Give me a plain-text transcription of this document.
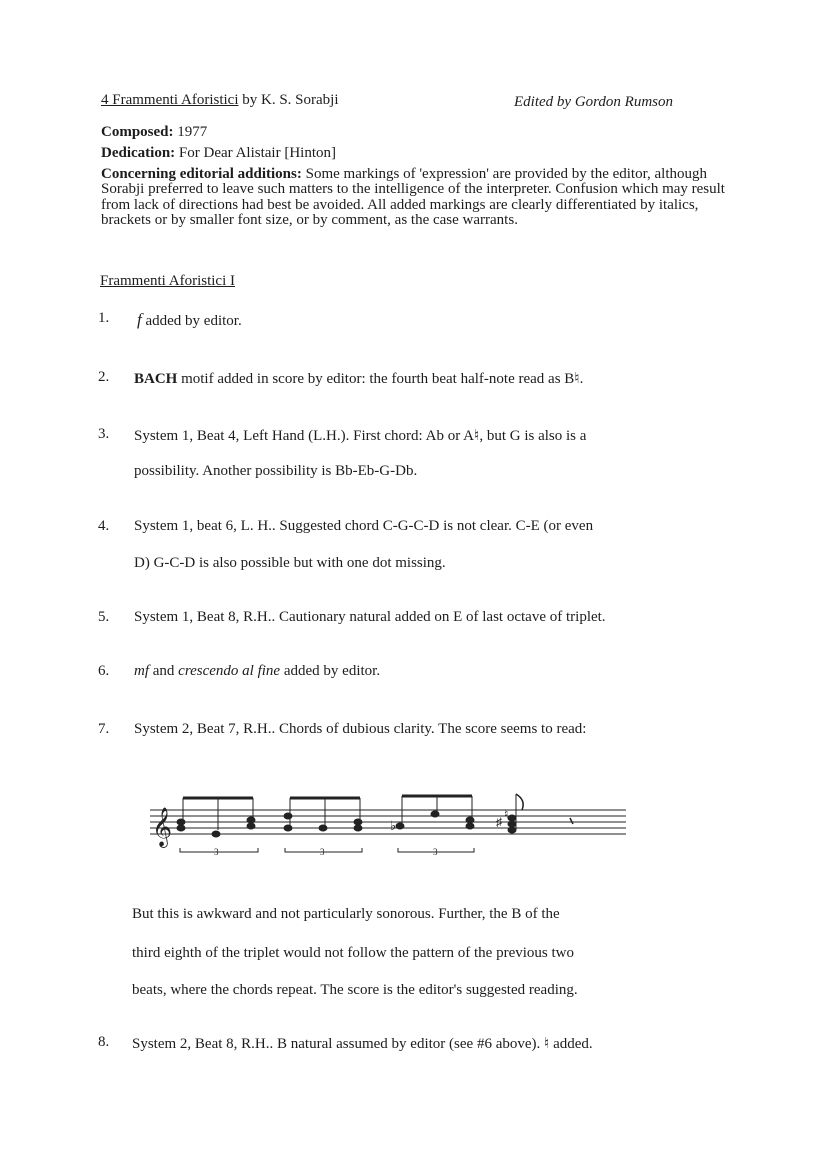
4 Frammenti Aforistici by K. S. Sorabji	Edited by Gordon Rumson
Composed: 1977
Dedication: For Dear Alistair [Hinton]
Concerning editorial additions: Some markings of 'expression' are provided by the editor, although Sorabji preferred to leave such matters to the intelligence of the interpreter. Confusion which may result from lack of directions had best be avoided. All added markings are clearly differentiated by italics, brackets or by smaller font size, or by comment, as the case warrants.
Frammenti Aforistici I
1. f added by editor.
2. BACH motif added in score by editor: the fourth beat half-note read as B♮.
3. System 1, Beat 4, Left Hand (L.H.). First chord: Ab or A♮, but G is also is a
possibility. Another possibility is Bb-Eb-G-Db.
4. System 1, beat 6, L. H.. Suggested chord C-G-C-D is not clear. C-E (or even
D) G-C-D is also possible but with one dot missing.
5. System 1, Beat 8, R.H.. Cautionary natural added on E of last octave of triplet.
6. mf and crescendo al fine added by editor.
7. System 2, Beat 7, R.H.. Chords of dubious clarity. The score seems to read:
𝄞
3	3
♭
3
♯
♮
But this is awkward and not particularly sonorous. Further, the B of the
third eighth of the triplet would not follow the pattern of the previous two
beats, where the chords repeat. The score is the editor's suggested reading.
8. System 2, Beat 8, R.H.. B natural assumed by editor (see #6 above). ♮ added.
